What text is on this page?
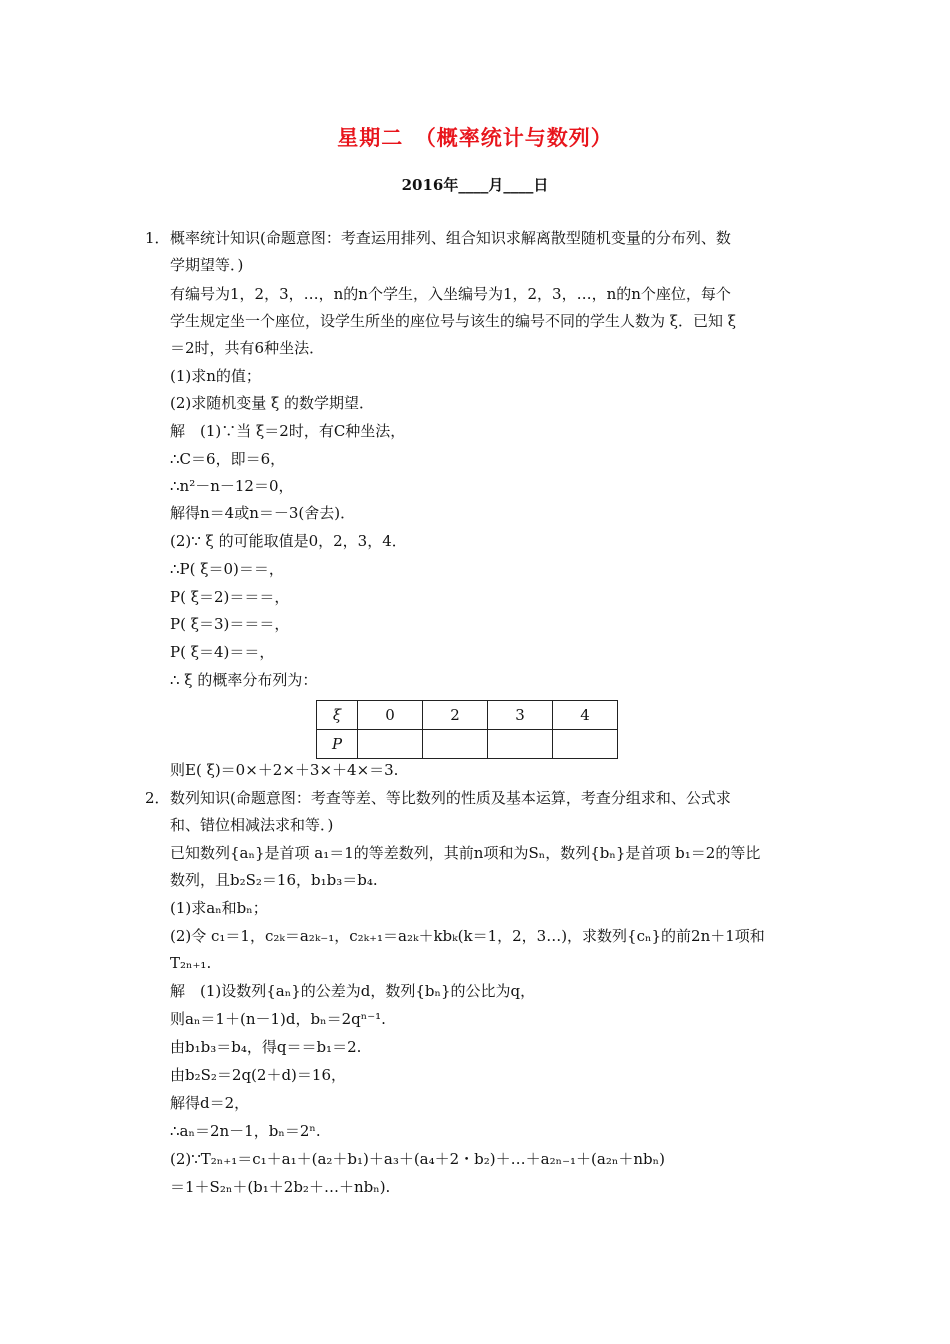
星期二　（概率统计与数列）
2016年____月____日
1． 概率统计知识(命题意图：考查运用排列、组合知识求解离散型随机变量的分布列、数
学期望等．)
有编号为1，2，3，…，n的n个学生，入坐编号为1，2，3，…，n的n个座位，每个
学生规定坐一个座位，设学生所坐的座位号与该生的编号不同的学生人数为 ξ．已知 ξ
＝2时，共有6种坐法．
(1)求n的值；
(2)求随机变量 ξ 的数学期望．
解　(1)∵当 ξ＝2时，有C种坐法，
∴C＝6，即＝6，
∴n²－n－12＝0，
解得n＝4或n＝－3(舍去)．
(2)∵ ξ 的可能取值是0，2，3，4．
∴P( ξ＝0)＝＝，
P( ξ＝2)＝＝＝，
P( ξ＝3)＝＝＝，
P( ξ＝4)＝＝，
∴ ξ 的概率分布列为：
ξ	0	2	3	4
P				
则E( ξ)＝0×＋2×＋3×＋4×＝3.
2． 数列知识(命题意图：考查等差、等比数列的性质及基本运算，考查分组求和、公式求
和、错位相减法求和等．)
已知数列{aₙ}是首项 a₁＝1的等差数列，其前n项和为Sₙ，数列{bₙ}是首项 b₁＝2的等比
数列，且b₂S₂＝16，b₁b₃＝b₄.
(1)求aₙ和bₙ；
(2)令 c₁＝1，c₂ₖ＝a₂ₖ₋₁，c₂ₖ₊₁＝a₂ₖ＋kbₖ(k＝1，2，3…)，求数列{cₙ}的前2n＋1项和
T₂ₙ₊₁.
解　(1)设数列{aₙ}的公差为d，数列{bₙ}的公比为q，
则aₙ＝1＋(n－1)d，bₙ＝2qⁿ⁻¹.
由b₁b₃＝b₄，得q＝＝b₁＝2.
由b₂S₂＝2q(2＋d)＝16，
解得d＝2，
∴aₙ＝2n－1，bₙ＝2ⁿ.
(2)∵T₂ₙ₊₁＝c₁＋a₁＋(a₂＋b₁)＋a₃＋(a₄＋2・b₂)＋…＋a₂ₙ₋₁＋(a₂ₙ＋nbₙ)
＝1＋S₂ₙ＋(b₁＋2b₂＋…＋nbₙ).
